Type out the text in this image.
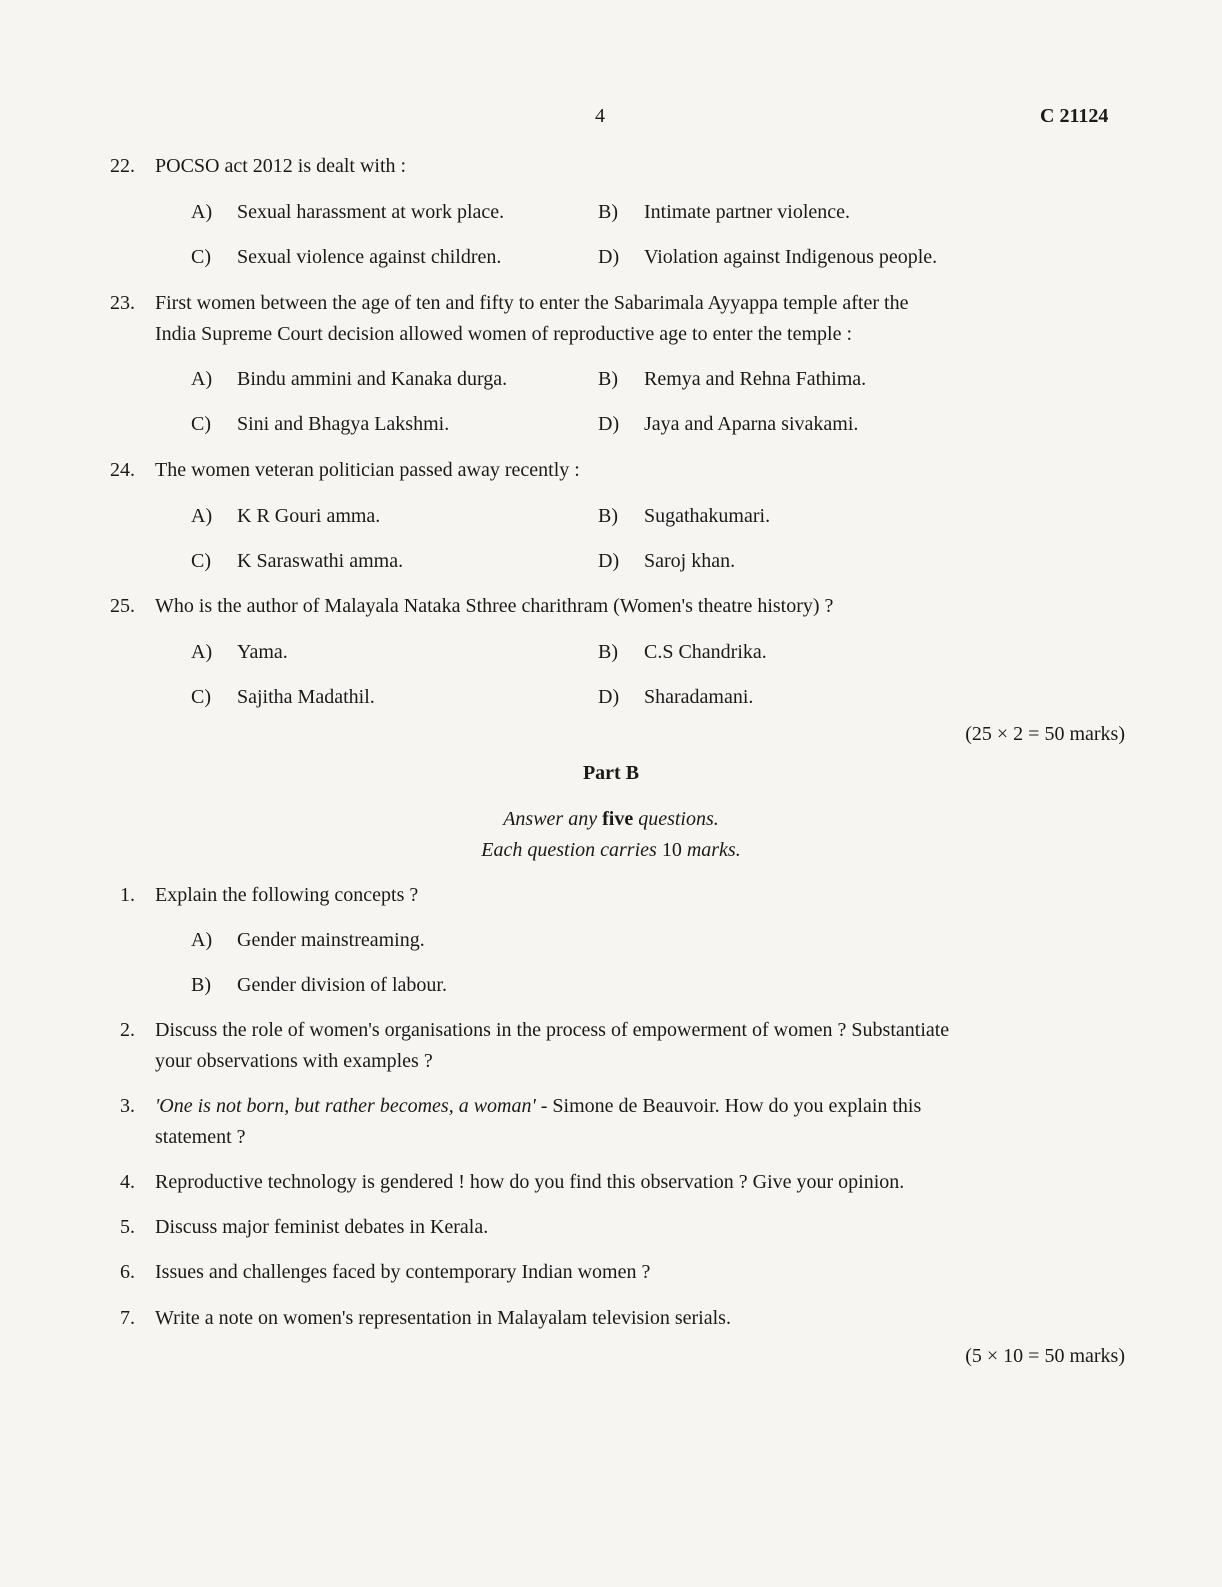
4	C 21124
22. POCSO act 2012 is dealt with :
A) Sexual harassment at work place.	B) Intimate partner violence.
C) Sexual violence against children.	D) Violation against Indigenous people.
23. First women between the age of ten and fifty to enter the Sabarimala Ayyappa temple after the
India Supreme Court decision allowed women of reproductive age to enter the temple :
A) Bindu ammini and Kanaka durga.	B) Remya and Rehna Fathima.
C) Sini and Bhagya Lakshmi.	D) Jaya and Aparna sivakami.
24. The women veteran politician passed away recently :
A) K R Gouri amma.	B) Sugathakumari.
C) K Saraswathi amma.	D) Saroj khan.
25. Who is the author of Malayala Nataka Sthree charithram (Women's theatre history) ?
A) Yama.	B) C.S Chandrika.
C) Sajitha Madathil.	D) Sharadamani.
(25 × 2 = 50 marks)
Part B
Answer any five questions.
Each question carries 10 marks.
1. Explain the following concepts ?
A) Gender mainstreaming.
B) Gender division of labour.
2. Discuss the role of women's organisations in the process of empowerment of women ? Substantiate
your observations with examples ?
3. 'One is not born, but rather becomes, a woman' - Simone de Beauvoir. How do you explain this
statement ?
4. Reproductive technology is gendered ! how do you find this observation ? Give your opinion.
5. Discuss major feminist debates in Kerala.
6. Issues and challenges faced by contemporary Indian women ?
7. Write a note on women's representation in Malayalam television serials.
(5 × 10 = 50 marks)
